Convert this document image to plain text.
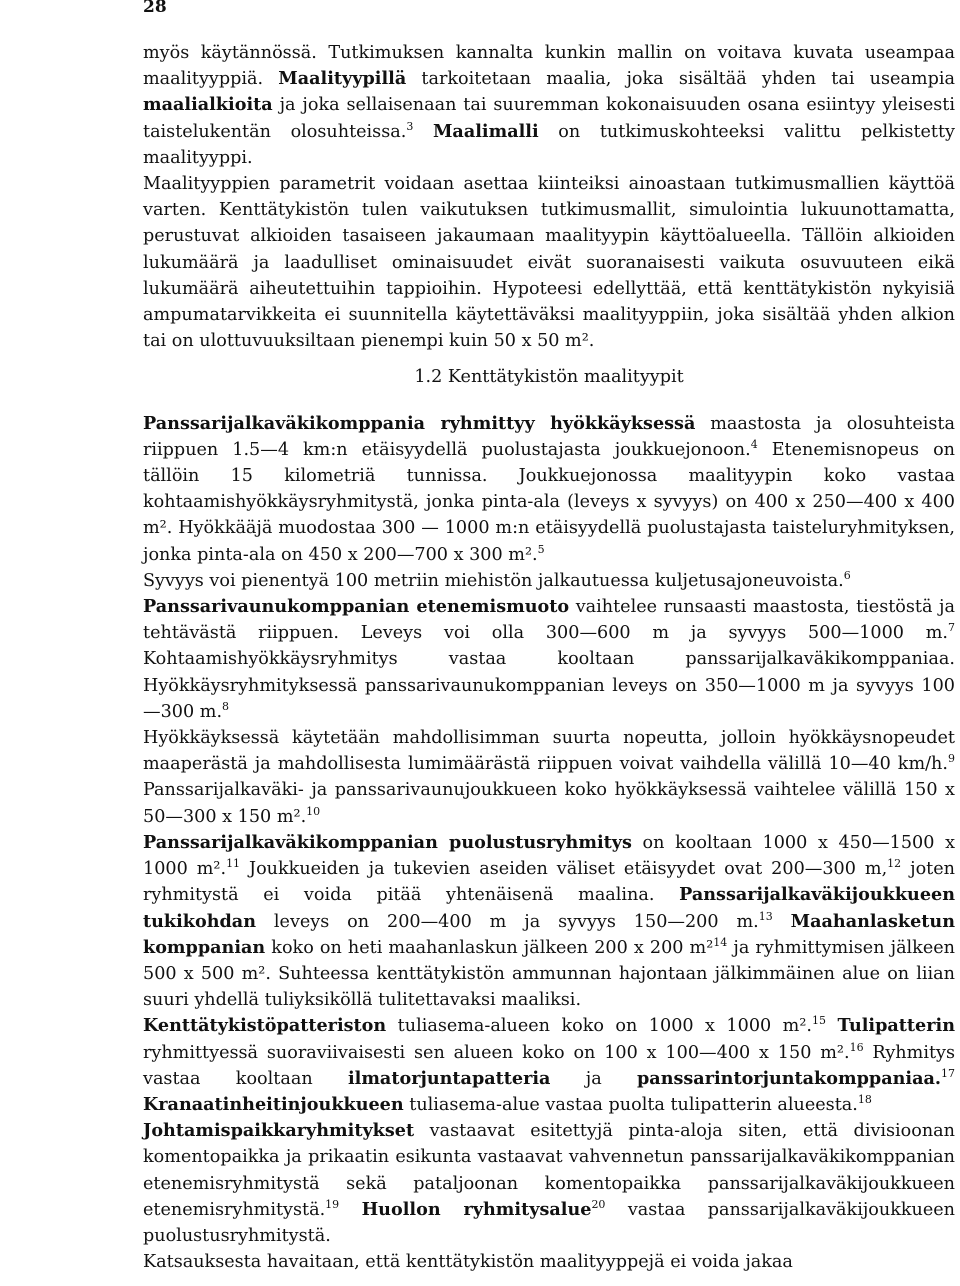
28

myös käytännössä. Tutkimuksen kannalta kunkin mallin on voitava kuvata useampaa maalityyppiä. Maalityypillä tarkoitetaan maalia, joka sisältää yhden tai useampia maalialkioita ja joka sellaisenaan tai suuremman kokonaisuuden osana esiintyy yleisesti taistelukentän olosuhteissa.$^3$ Maalimalli on tutkimuskohteeksi valittu pelkistetty maalityyppi.

Maalityyppien parametrit voidaan asettaa kiinteiksi ainoastaan tutkimusmallien käyttöä varten. Kenttätykistön tulen vaikutuksen tutkimusmallit, simulointia lukuunottamatta, perustuvat alkioiden tasaiseen jakaumaan maalityypin käyttöalueella. Tällöin alkioiden lukumäärä ja laadulliset ominaisuudet eivät suoranaisesti vaikuta osuvuuteen eikä lukumäärä aiheutettuihin tappioihin. Hypoteesi edellyttää, että kenttätykistön nykyisiä ampumatarvikkeita ei suunnitella käytettäväksi maalityyppiin, joka sisältää yhden alkion tai on ulottuvuuksiltaan pienempi kuin 50 x 50 m².

1.2 Kenttätykistön maalityypit

Panssarijalkaväkikomppania ryhmittyy hyökkäyksessä maastosta ja olosuhteista riippuen 1.5—4 km:n etäisyydellä puolustajasta joukkuejonoon.$^4$ Etenemisnopeus on tällöin 15 kilometriä tunnissa. Joukkuejonossa maalityypin koko vastaa kohtaamishyökkäysryhmitystä, jonka pinta-ala (leveys x syvyys) on 400 x 250—400 x 400 m². Hyökkääjä muodostaa 300 — 1000 m:n etäisyydellä puolustajasta taisteluryhmityksen, jonka pinta-ala on 450 x 200—700 x 300 m².$^5$

Syvyys voi pienentyä 100 metriin miehistön jalkautuessa kuljetusajoneuvoista.$^6$

Panssarivaunukomppanian etenemismuoto vaihtelee runsaasti maastosta, tiestöstä ja tehtävästä riippuen. Leveys voi olla 300—600 m ja syvyys 500—1000 m.$^7$ Kohtaamishyökkäysryhmitys vastaa kooltaan panssarijalkaväkikomppaniaa. Hyökkäysryhmityksessä panssarivaunukomppanian leveys on 350—1000 m ja syvyys 100—300 m.$^8$

Hyökkäyksessä käytetään mahdollisimman suurta nopeutta, jolloin hyökkäysnopeudet maaperästä ja mahdollisesta lumimäärästä riippuen voivat vaihdella välillä 10—40 km/h.$^9$ Panssarijalkaväki- ja panssarivaunujoukkueen koko hyökkäyksessä vaihtelee välillä 150 x 50—300 x 150 m².$^{10}$

Panssarijalkaväkikomppanian puolustusryhmitys on kooltaan 1000 x 450—1500 x 1000 m².$^{11}$ Joukkueiden ja tukevien aseiden väliset etäisyydet ovat 200—300 m,$^{12}$ joten ryhmitystä ei voida pitää yhtenäisenä maalina. Panssarijalkaväkijoukkueen tukikohdan leveys on 200—400 m ja syvyys 150—200 m.$^{13}$ Maahanlasketun komppanian koko on heti maahanlaskun jälkeen 200 x 200 m²$^{14}$ ja ryhmittymisen jälkeen 500 x 500 m². Suhteessa kenttätykistön ammunnan hajontaan jälkimmäinen alue on liian suuri yhdellä tuliyksiköllä tulitettavaksi maaliksi.

Kenttätykistöpatteriston tuliasema-alueen koko on 1000 x 1000 m².$^{15}$ Tulipatterin ryhmittyessä suoraviivaisesti sen alueen koko on 100 x 100—400 x 150 m².$^{16}$ Ryhmitys vastaa kooltaan ilmatorjuntapatteria ja panssarintorjuntakomppaniaa.$^{17}$ Kranaatinheitinjoukkueen tuliasema-alue vastaa puolta tulipatterin alueesta.$^{18}$

Johtamispaikkaryhmitykset vastaavat esitettyjä pinta-aloja siten, että divisioonan komentopaikka ja prikaatin esikunta vastaavat vahvennetun panssarijalkaväkikomppanian etenemisryhmitystä sekä pataljoonan komentopaikka panssarijalkaväkijoukkueen etenemisryhmitystä.$^{19}$ Huollon ryhmitysalue$^{20}$ vastaa panssarijalkaväkijoukkueen puolustusryhmitystä.

Katsauksesta havaitaan, että kenttätykistön maalityyppejä ei voida jakaa
